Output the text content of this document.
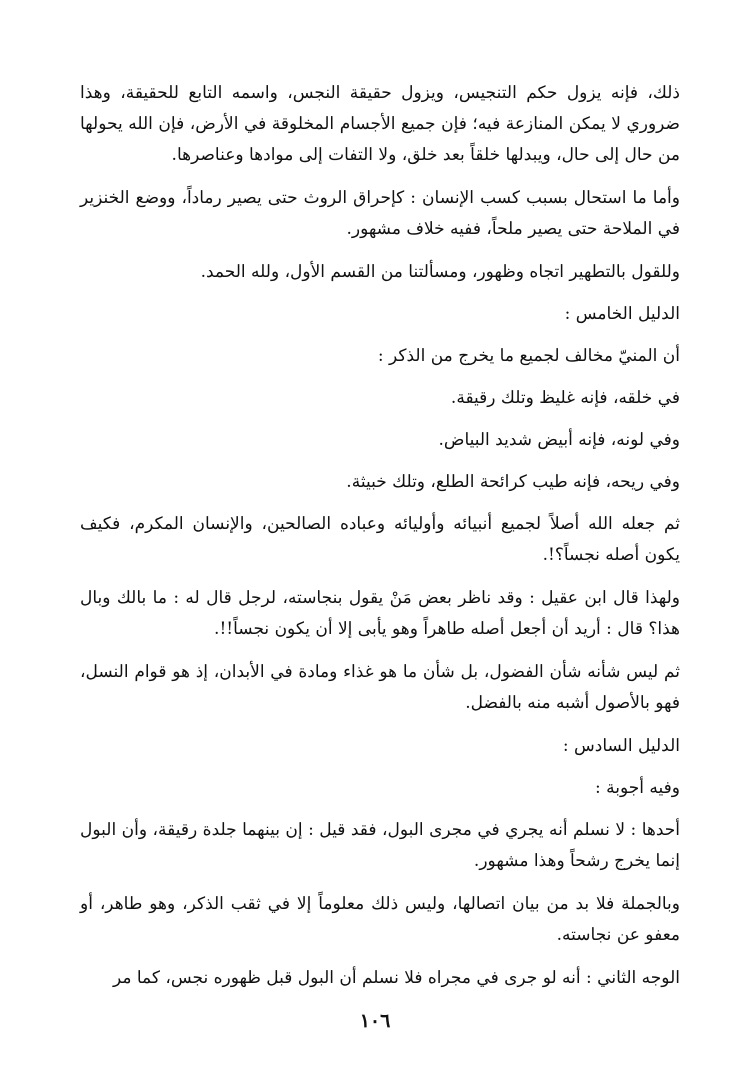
ذلك، فإنه يزول حكم التنجيس، ويزول حقيقة النجس، واسمه التابع للحقيقة، وهذا ضروري لا يمكن المنازعة فيه؛ فإن جميع الأجسام المخلوقة في الأرض، فإن الله يحولها من حال إلى حال، ويبدلها خلقاً بعد خلق، ولا التفات إلى موادها وعناصرها.

وأما ما استحال بسبب كسب الإنسان : كإحراق الروث حتى يصير رماداً، ووضع الخنزير في الملاحة حتى يصير ملحاً، ففيه خلاف مشهور.

وللقول بالتطهير اتجاه وظهور، ومسألتنا من القسم الأول، ولله الحمد.

الدليل الخامس :

أن المنيّ مخالف لجميع ما يخرج من الذكر :

في خلقه، فإنه غليظ وتلك رقيقة.

وفي لونه، فإنه أبيض شديد البياض.

وفي ريحه، فإنه طيب كرائحة الطلع، وتلك خبيثة.

ثم جعله الله أصلاً لجميع أنبيائه وأوليائه وعباده الصالحين، والإنسان المكرم، فكيف يكون أصله نجساً؟!.

ولهذا قال ابن عقيل : وقد ناظر بعض مَنْ يقول بنجاسته، لرجل قال له : ما بالك وبال هذا؟ قال : أريد أن أجعل أصله طاهراً وهو يأبى إلا أن يكون نجساً!!.

ثم ليس شأنه شأن الفضول، بل شأن ما هو غذاء ومادة في الأبدان، إذ هو قوام النسل، فهو بالأصول أشبه منه بالفضل.

الدليل السادس :

وفيه أجوبة :

أحدها : لا نسلم أنه يجري في مجرى البول، فقد قيل : إن بينهما جلدة رقيقة، وأن البول إنما يخرج رشحاً وهذا مشهور.

وبالجملة فلا بد من بيان اتصالها، وليس ذلك معلوماً إلا في ثقب الذكر، وهو طاهر، أو معفو عن نجاسته.

الوجه الثاني : أنه لو جرى في مجراه فلا نسلم أن البول قبل ظهوره نجس، كما مر

١٠٦
